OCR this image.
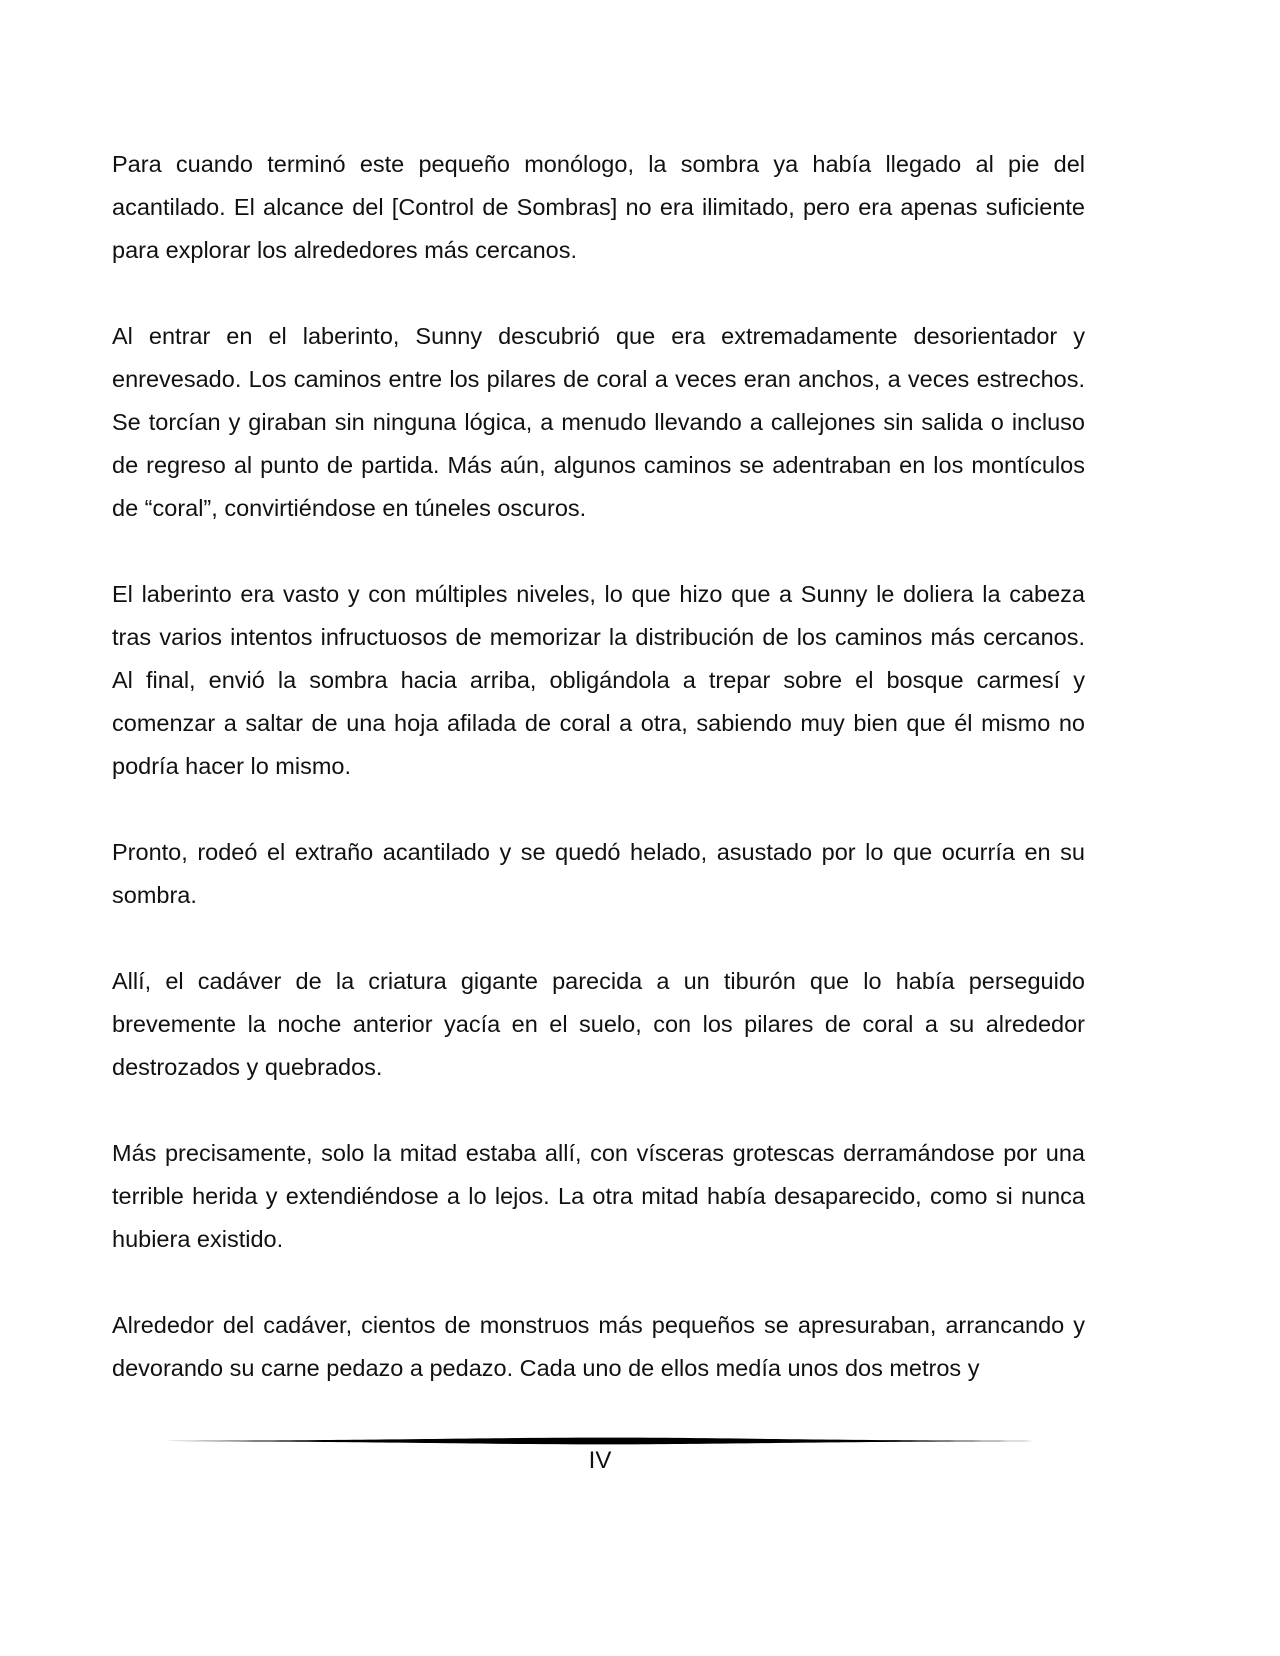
Para cuando terminó este pequeño monólogo, la sombra ya había llegado al pie del acantilado. El alcance del [Control de Sombras] no era ilimitado, pero era apenas suficiente para explorar los alrededores más cercanos.

Al entrar en el laberinto, Sunny descubrió que era extremadamente desorientador y enrevesado. Los caminos entre los pilares de coral a veces eran anchos, a veces estrechos. Se torcían y giraban sin ninguna lógica, a menudo llevando a callejones sin salida o incluso de regreso al punto de partida. Más aún, algunos caminos se adentraban en los montículos de “coral”, convirtiéndose en túneles oscuros.

El laberinto era vasto y con múltiples niveles, lo que hizo que a Sunny le doliera la cabeza tras varios intentos infructuosos de memorizar la distribución de los caminos más cercanos. Al final, envió la sombra hacia arriba, obligándola a trepar sobre el bosque carmesí y comenzar a saltar de una hoja afilada de coral a otra, sabiendo muy bien que él mismo no podría hacer lo mismo.

Pronto, rodeó el extraño acantilado y se quedó helado, asustado por lo que ocurría en su sombra.

Allí, el cadáver de la criatura gigante parecida a un tiburón que lo había perseguido brevemente la noche anterior yacía en el suelo, con los pilares de coral a su alrededor destrozados y quebrados.

Más precisamente, solo la mitad estaba allí, con vísceras grotescas derramándose por una terrible herida y extendiéndose a lo lejos. La otra mitad había desaparecido, como si nunca hubiera existido.

Alrededor del cadáver, cientos de monstruos más pequeños se apresuraban, arrancando y devorando su carne pedazo a pedazo. Cada uno de ellos medía unos dos metros y

IV
